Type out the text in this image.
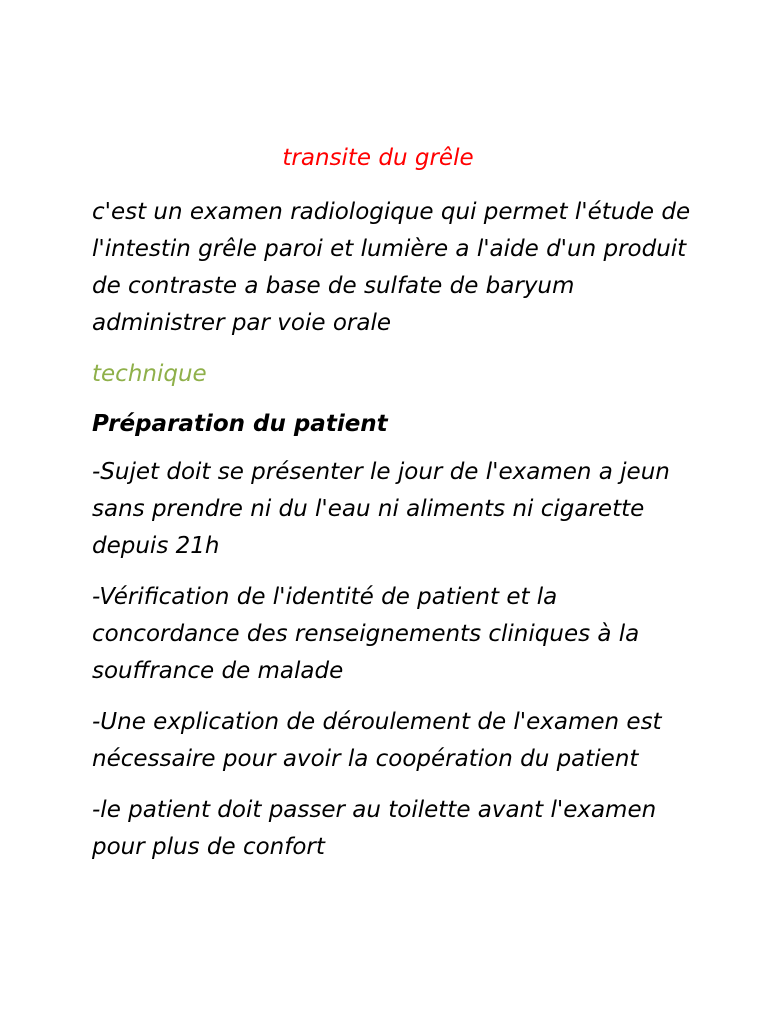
transite du grêle

c'est un examen radiologique qui permet l'étude de l'intestin grêle paroi et lumière a l'aide d'un produit de contraste a base de sulfate de baryum administrer par voie orale

technique

Préparation du patient

-Sujet doit se présenter le jour de l'examen a jeun sans prendre ni du l'eau ni aliments ni cigarette depuis 21h

-Vérification de l'identité de patient et la concordance des renseignements cliniques à la souffrance de malade

-Une explication de déroulement de l'examen est nécessaire pour avoir la coopération du patient

-le patient doit passer au toilette avant l'examen pour plus de confort
